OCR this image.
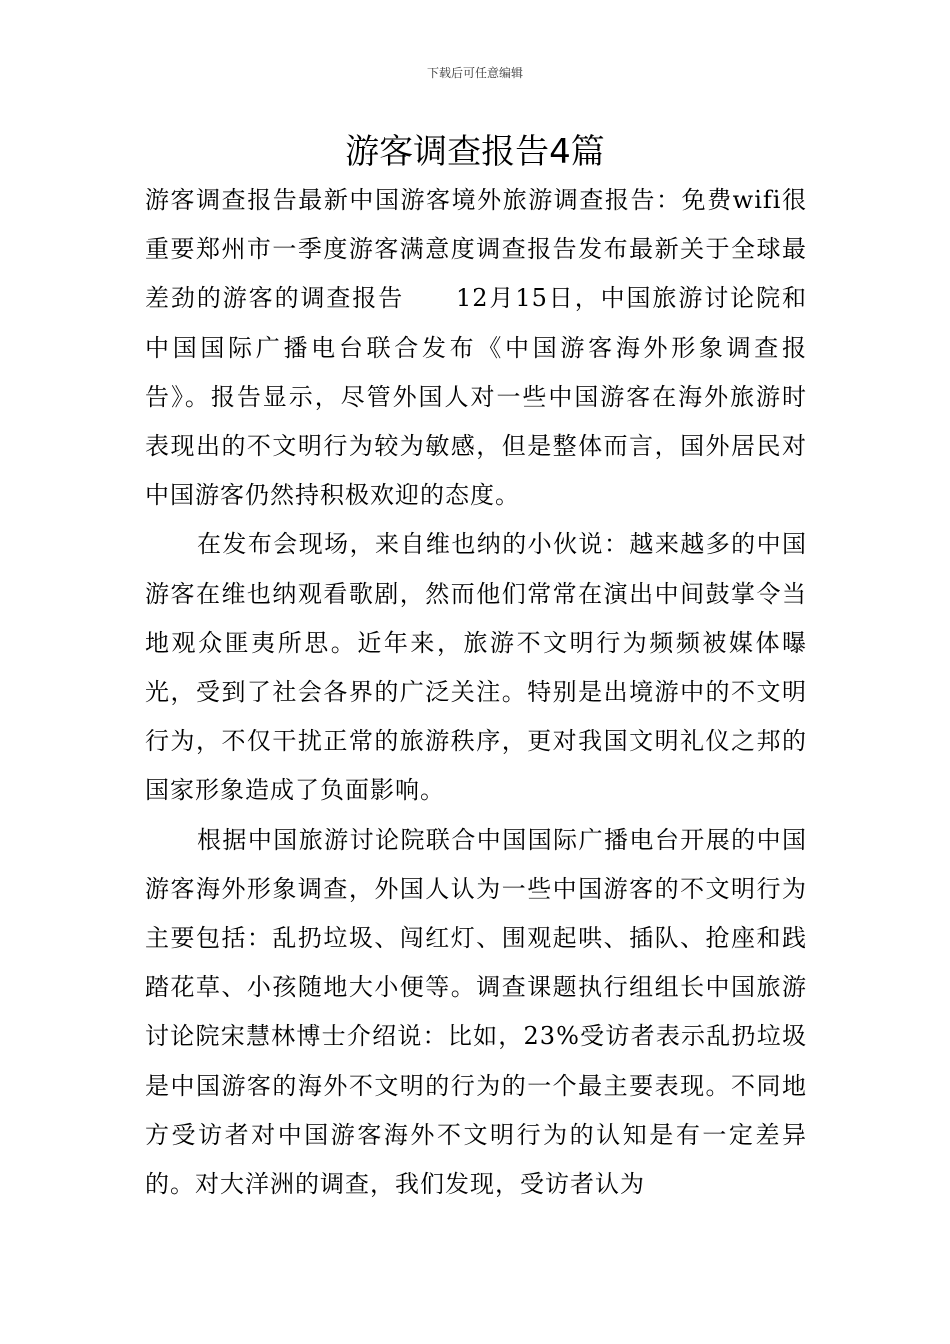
下载后可任意编辑
游客调查报告4篇

游客调查报告最新中国游客境外旅游调查报告：免费wifi很重要郑州市一季度游客满意度调查报告发布最新关于全球最差劲的游客的调查报告　　12月15日，中国旅游讨论院和中国国际广播电台联合发布《中国游客海外形象调查报告》。报告显示，尽管外国人对一些中国游客在海外旅游时表现出的不文明行为较为敏感，但是整体而言，国外居民对中国游客仍然持积极欢迎的态度。

在发布会现场，来自维也纳的小伙说：越来越多的中国游客在维也纳观看歌剧，然而他们常常在演出中间鼓掌令当地观众匪夷所思。近年来，旅游不文明行为频频被媒体曝光，受到了社会各界的广泛关注。特别是出境游中的不文明行为，不仅干扰正常的旅游秩序，更对我国文明礼仪之邦的国家形象造成了负面影响。

根据中国旅游讨论院联合中国国际广播电台开展的中国游客海外形象调查，外国人认为一些中国游客的不文明行为主要包括：乱扔垃圾、闯红灯、围观起哄、插队、抢座和践踏花草、小孩随地大小便等。调查课题执行组组长中国旅游讨论院宋慧林博士介绍说：比如，23%受访者表示乱扔垃圾是中国游客的海外不文明的行为的一个最主要表现。不同地方受访者对中国游客海外不文明行为的认知是有一定差异的。对大洋洲的调查，我们发现，受访者认为
